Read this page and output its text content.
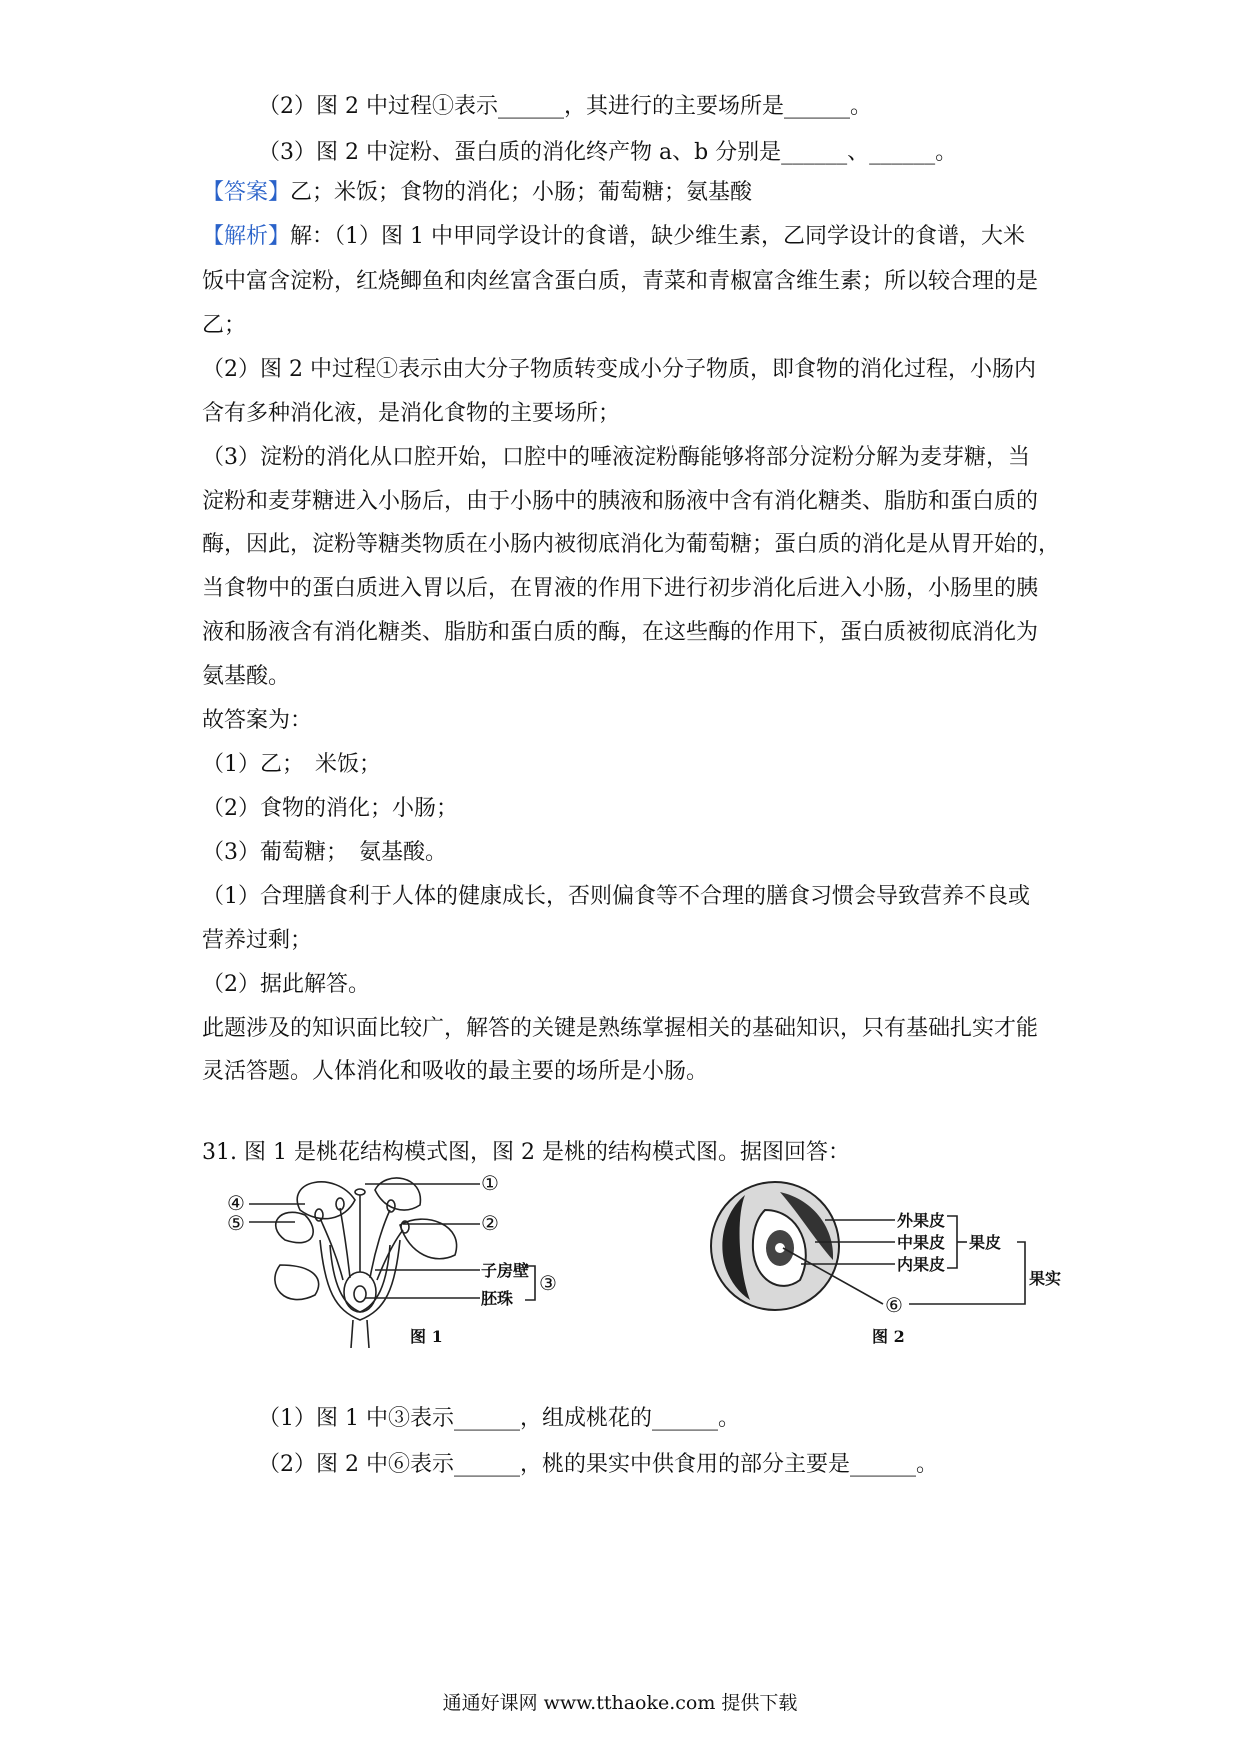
（2）图 2 中过程①表示______，其进行的主要场所是______。
（3）图 2 中淀粉、蛋白质的消化终产物 a、b 分别是______、______。
【答案】乙；米饭；食物的消化；小肠；葡萄糖；氨基酸
【解析】解：（1）图 1 中甲同学设计的食谱，缺少维生素，乙同学设计的食谱，大米
饭中富含淀粉，红烧鲫鱼和肉丝富含蛋白质，青菜和青椒富含维生素；所以较合理的是
乙；
（2）图 2 中过程①表示由大分子物质转变成小分子物质，即食物的消化过程，小肠内
含有多种消化液，是消化食物的主要场所；
（3）淀粉的消化从口腔开始，口腔中的唾液淀粉酶能够将部分淀粉分解为麦芽糖，当
淀粉和麦芽糖进入小肠后，由于小肠中的胰液和肠液中含有消化糖类、脂肪和蛋白质的
酶，因此，淀粉等糖类物质在小肠内被彻底消化为葡萄糖；蛋白质的消化是从胃开始的，
当食物中的蛋白质进入胃以后，在胃液的作用下进行初步消化后进入小肠，小肠里的胰
液和肠液含有消化糖类、脂肪和蛋白质的酶，在这些酶的作用下，蛋白质被彻底消化为
氨基酸。
故答案为：
（1）乙；　米饭；
（2）食物的消化；小肠；
（3）葡萄糖；　氨基酸。
（1）合理膳食利于人体的健康成长，否则偏食等不合理的膳食习惯会导致营养不良或
营养过剩；
（2）据此解答。
此题涉及的知识面比较广，解答的关键是熟练掌握相关的基础知识，只有基础扎实才能
灵活答题。人体消化和吸收的最主要的场所是小肠。
31. 图 1 是桃花结构模式图，图 2 是桃的结构模式图。据图回答：
④
⑤
①
②
子房壁
胚珠
③
图 1
外果皮
中果皮
内果皮
果皮
果实
⑥
图 2
（1）图 1 中③表示______，组成桃花的______。
（2）图 2 中⑥表示______，桃的果实中供食用的部分主要是______。
通通好课网 www.tthaoke.com 提供下载
